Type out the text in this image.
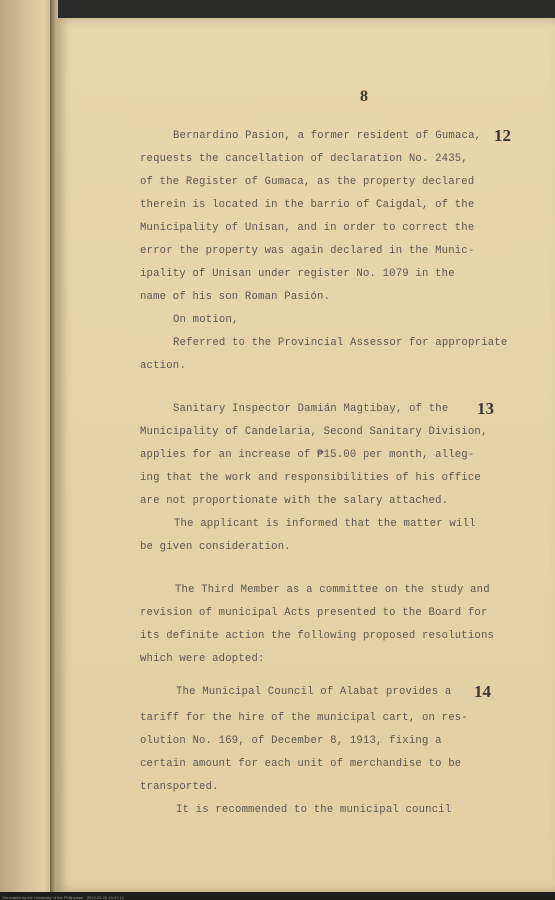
8
Bernardino Pasion, a former resident of Gumaca, 12
requests the cancellation of declaration No. 2435,
of the Register of Gumaca, as the property declared
therein is located in the barrio of Caigdal, of the
Municipality of Unisan, and in order to correct the
error the property was again declared in the Munic-
ipality of Unisan under register No. 1079 in the
name of his son Roman Pasión.
On motion,
Referred to the Provincial Assessor for appropriate
action.
Sanitary Inspector Damián Magtibay, of the 13
Municipality of Candelaria, Second Sanitary Division,
applies for an increase of ₱15.00 per month, alleg-
ing that the work and responsibilities of his office
are not proportionate with the salary attached.
The applicant is informed that the matter will
be given consideration.
The Third Member as a committee on the study and
revision of municipal Acts presented to the Board for
its definite action the following proposed resolutions
which were adopted:
The Municipal Council of Alabat provides a 14
tariff for the hire of the municipal cart, on res-
olution No. 169, of December 8, 1913, fixing a
certain amount for each unit of merchandise to be
transported.
It is recommended to the municipal council
Generated by the University of the Philippines · 2019-03-26 15:41:12
